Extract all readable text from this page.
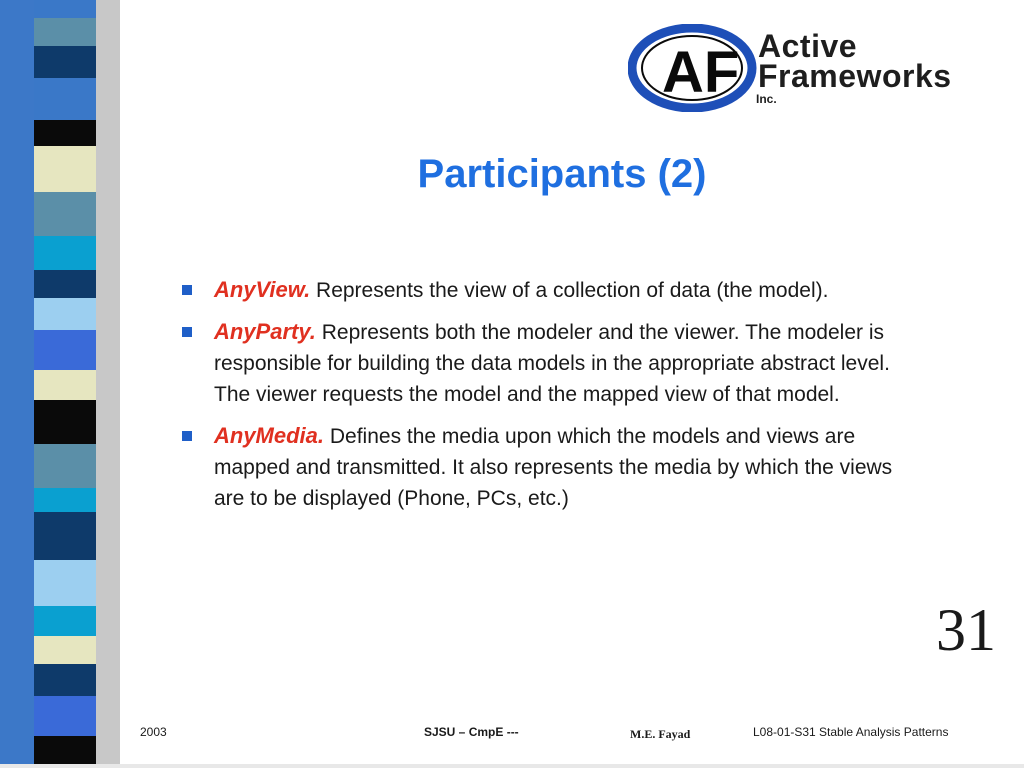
AF Active
Frameworks
Inc.
Participants (2)
AnyView. Represents the view of a collection of data (the model).
AnyParty. Represents both the modeler and the viewer. The modeler is responsible for building the data models in the appropriate abstract level. The viewer requests the model and the mapped view of that model.
AnyMedia. Defines the media upon which the models and views are mapped and transmitted. It also represents the media by which the views are to be displayed (Phone, PCs, etc.)
31
2003	SJSU – CmpE ---	M.E. Fayad	L08-01-S31 Stable Analysis Patterns
